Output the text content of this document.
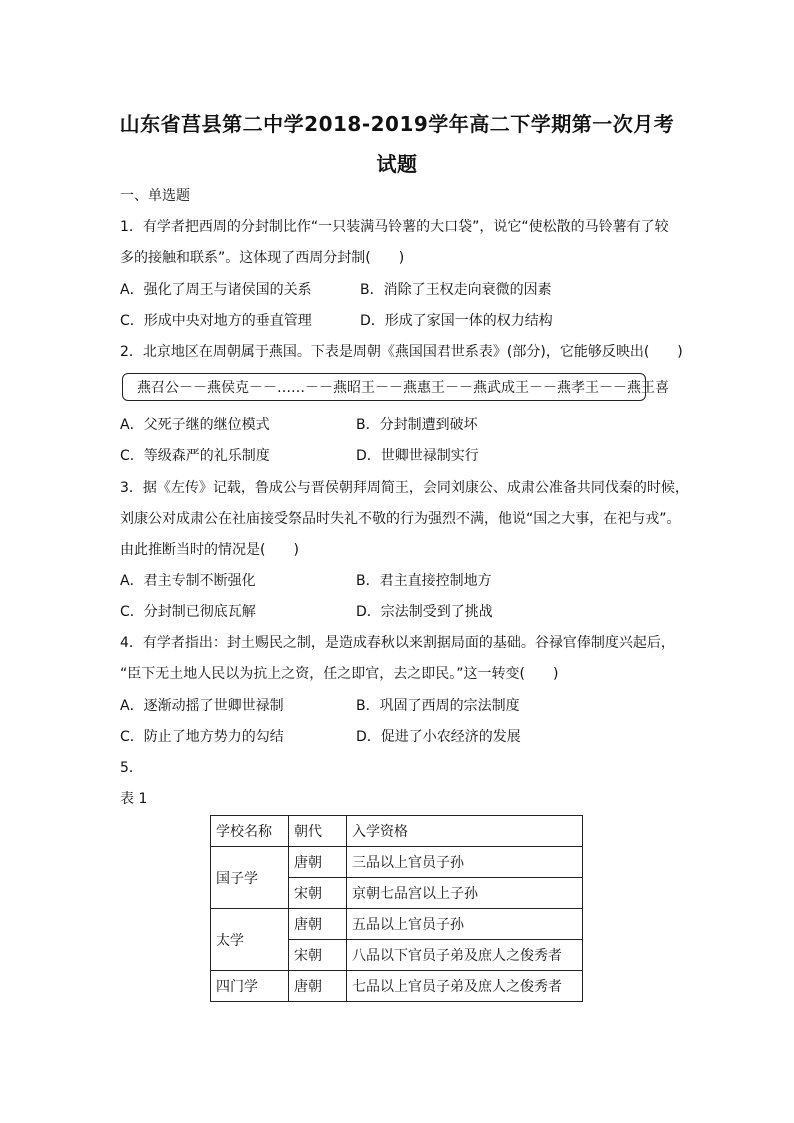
山东省莒县第二中学2018-2019学年高二下学期第一次月考
试题
一、单选题
1．有学者把西周的分封制比作“一只装满马铃薯的大口袋”，说它“使松散的马铃薯有了较
多的接触和联系”。这体现了西周分封制(　　)
A．强化了周王与诸侯国的关系	B．消除了王权走向衰微的因素
C．形成中央对地方的垂直管理	D．形成了家国一体的权力结构
2．北京地区在周朝属于燕国。下表是周朝《燕国国君世系表》(部分)，它能够反映出(　　)
燕召公－－燕侯克－－……－－燕昭王－－燕惠王－－燕武成王－－燕孝王－－燕王喜
A．父死子继的继位模式	B．分封制遭到破坏
C．等级森严的礼乐制度	D．世卿世禄制实行
3．据《左传》记载，鲁成公与晋侯朝拜周简王，会同刘康公、成肃公准备共同伐秦的时候，
刘康公对成肃公在社庙接受祭品时失礼不敬的行为强烈不满，他说“国之大事，在祀与戎”。
由此推断当时的情况是(　　)
A．君主专制不断强化	B．君主直接控制地方
C．分封制已彻底瓦解	D．宗法制受到了挑战
4．有学者指出：封土赐民之制，是造成春秋以来割据局面的基础。谷禄官俸制度兴起后，
“臣下无土地人民以为抗上之资，任之即官，去之即民。”这一转变(　　)
A．逐渐动摇了世卿世禄制	B．巩固了西周的宗法制度
C．防止了地方势力的勾结	D．促进了小农经济的发展
5．
表 1
学校名称	朝代	入学资格
国子学	唐朝	三品以上官员子孙
	宋朝	京朝七品宫以上子孙
太学	唐朝	五品以上官员子孙
	宋朝	八品以下官员子弟及庶人之俊秀者
四门学	唐朝	七品以上官员子弟及庶人之俊秀者
